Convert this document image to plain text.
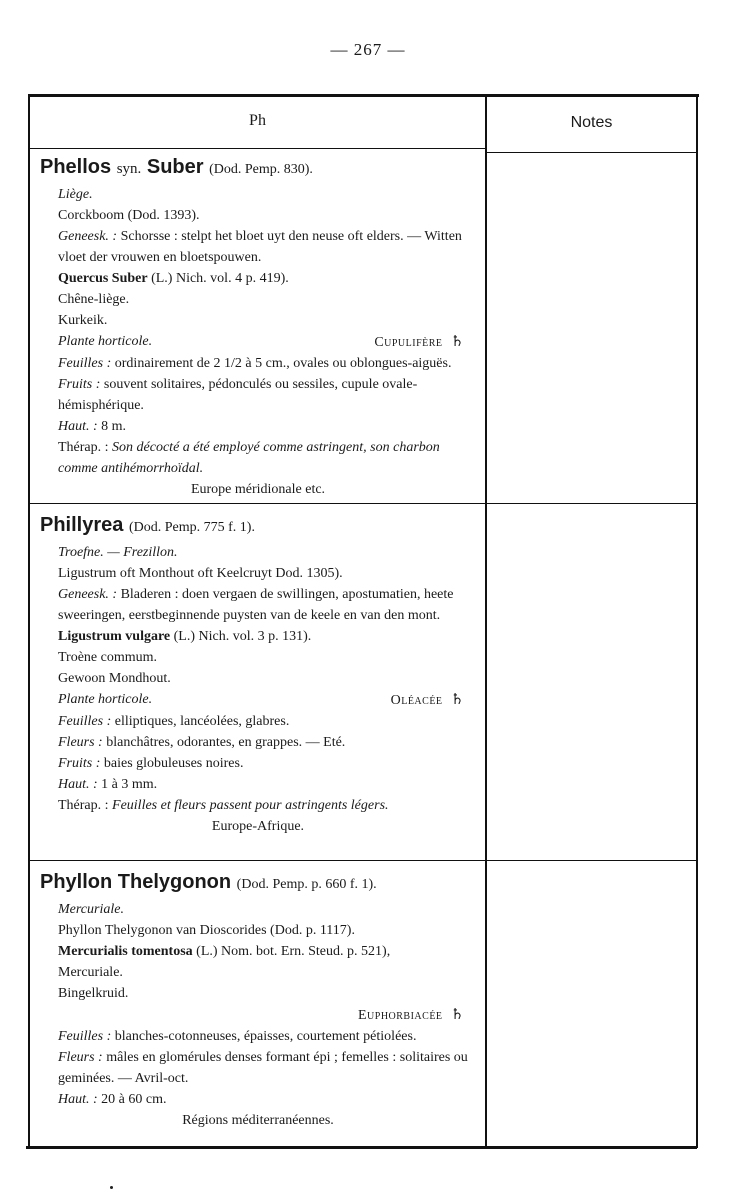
— 267 —
Ph	Notes

Phellos syn. Suber (Dod. Pemp. 830).

Liège.

Corckboom (Dod. 1393).

Geneesk. : Schorsse : stelpt het bloet uyt den neuse oft elders. — Witten vloet der vrouwen en bloetspouwen.

Quercus Suber (L.) Nich. vol. 4 p. 419).

Chêne-liège.

Kurkeik.

Plante horticole.	Cupulifère ♄

Feuilles : ordinairement de 2 1/2 à 5 cm., ovales ou oblongues-aiguës.

Fruits : souvent solitaires, pédonculés ou sessiles, cupule ovale-hémisphérique.

Haut. : 8 m.

Thérap. : Son décocté a été employé comme astringent, son charbon comme antihémorrhoïdal.

Europe méridionale etc.

Phillyrea (Dod. Pemp. 775 f. 1).

Troefne. — Frezillon.

Ligustrum oft Monthout oft Keelcruyt Dod. 1305).

Geneesk. : Bladeren : doen vergaen de swillingen, apostumatien, heete sweeringen, eerstbeginnende puysten van de keele en van den mont.

Ligustrum vulgare (L.) Nich. vol. 3 p. 131).

Troène commum.

Gewoon Mondhout.

Plante horticole.	Oléacée ♄

Feuilles : elliptiques, lancéolées, glabres.

Fleurs : blanchâtres, odorantes, en grappes. — Eté.

Fruits : baies globuleuses noires.

Haut. : 1 à 3 mm.

Thérap. : Feuilles et fleurs passent pour astringents légers.

Europe-Afrique.

Phyllon Thelygonon (Dod. Pemp. p. 660 f. 1).

Mercuriale.

Phyllon Thelygonon van Dioscorides (Dod. p. 1117).

Mercurialis tomentosa (L.) Nom. bot. Ern. Steud. p. 521),

Mercuriale.

Bingelkruid.

Euphorbiacée ♄

Feuilles : blanches-cotonneuses, épaisses, courtement pétiolées.

Fleurs : mâles en glomérules denses formant épi ; femelles : solitaires ou geminées. — Avril-oct.

Haut. : 20 à 60 cm.

Régions méditerranéennes.
